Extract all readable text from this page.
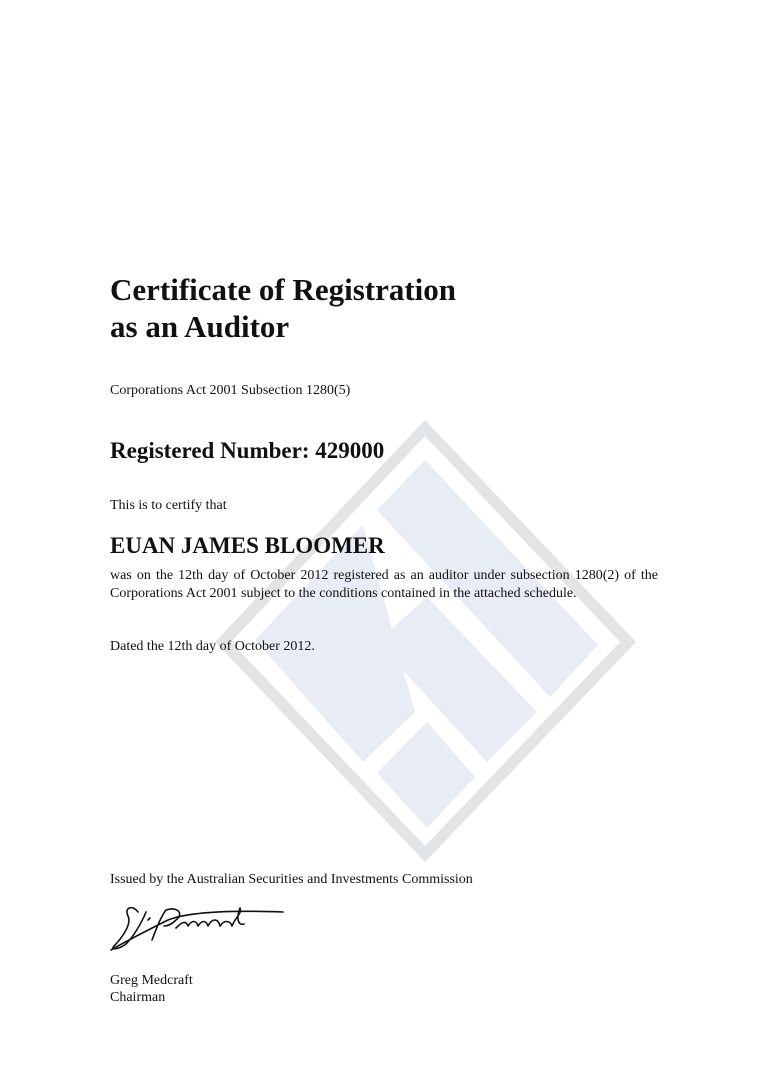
Certificate of Registration
as an Auditor
Corporations Act 2001 Subsection 1280(5)
Registered Number: 429000
This is to certify that
EUAN JAMES BLOOMER
was on the 12th day of October 2012 registered as an auditor under subsection 1280(2) of the Corporations Act 2001 subject to the conditions contained in the attached schedule.
Dated the 12th day of October 2012.
Issued by the Australian Securities and Investments Commission
Greg Medcraft
Chairman
